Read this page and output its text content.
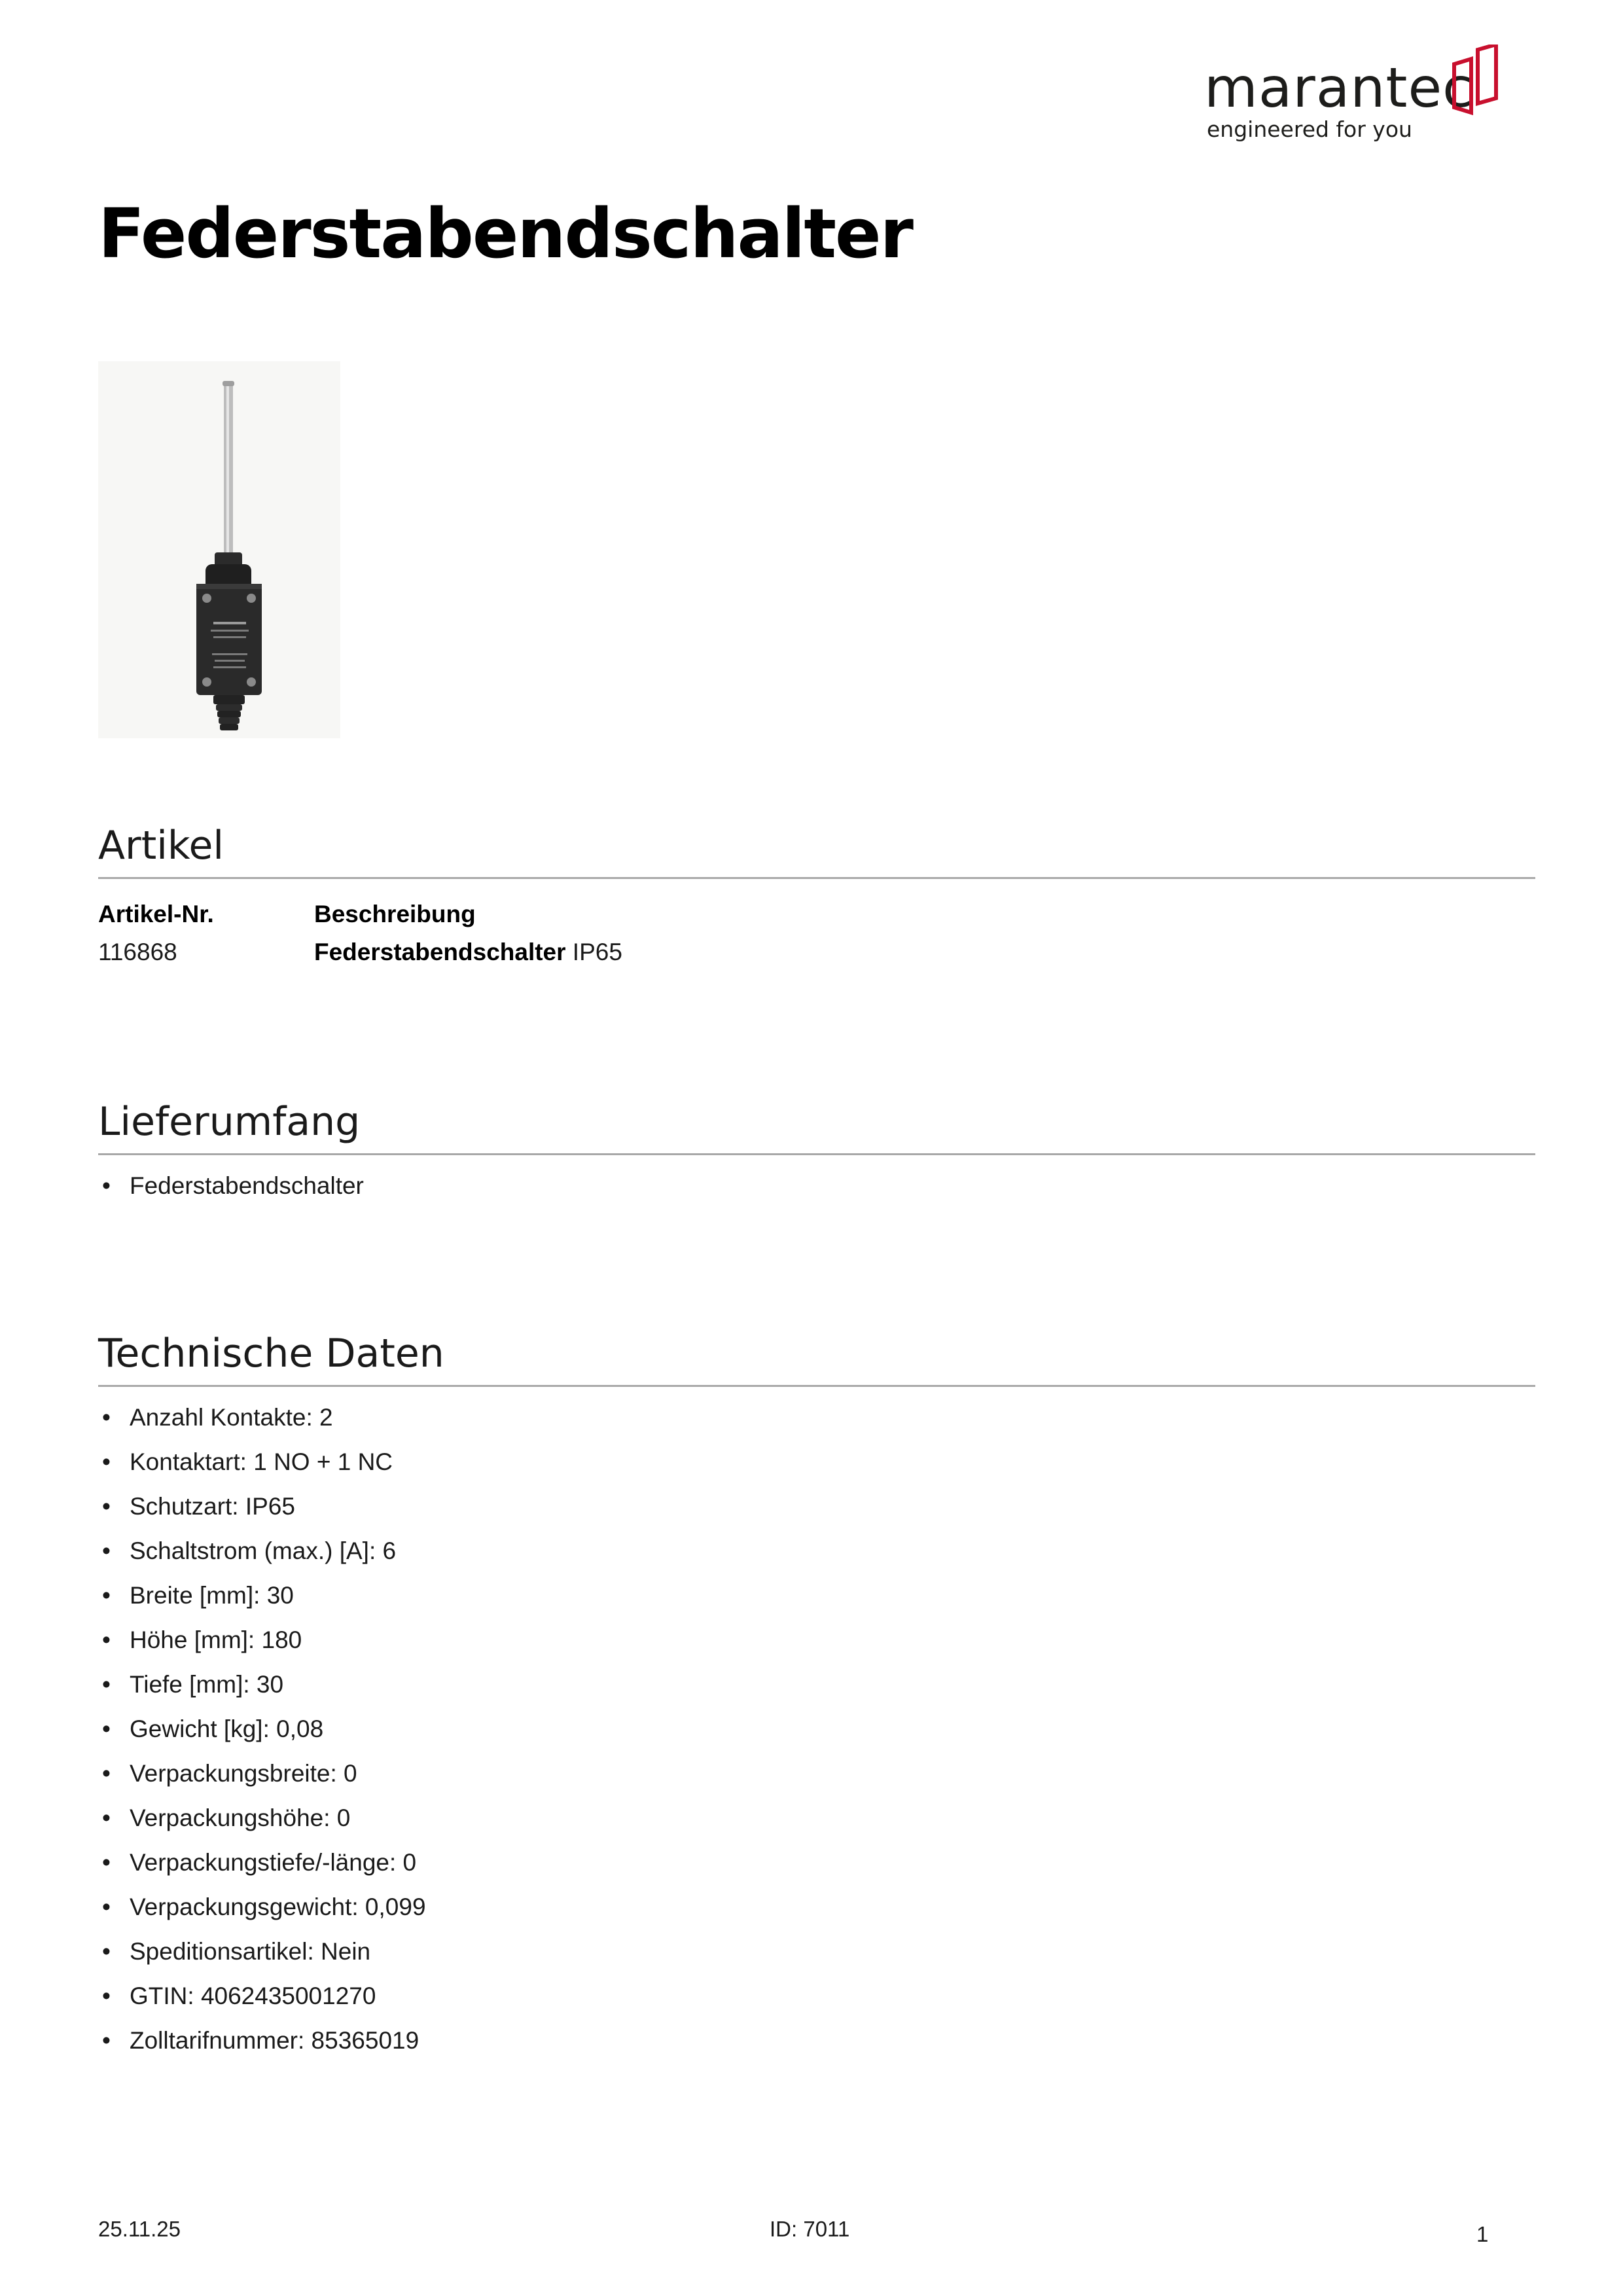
marantec
engineered for you
Federstabendschalter
Artikel
Artikel-Nr.	Beschreibung
116868	Federstabendschalter IP65
Lieferumfang
• Federstabendschalter
Technische Daten
• Anzahl Kontakte: 2
• Kontaktart: 1 NO + 1 NC
• Schutzart: IP65
• Schaltstrom (max.) [A]: 6
• Breite [mm]: 30
• Höhe [mm]: 180
• Tiefe [mm]: 30
• Gewicht [kg]: 0,08
• Verpackungsbreite: 0
• Verpackungshöhe: 0
• Verpackungstiefe/-länge: 0
• Verpackungsgewicht: 0,099
• Speditionsartikel: Nein
• GTIN: 4062435001270
• Zolltarifnummer: 85365019
25.11.25	ID: 7011	1
